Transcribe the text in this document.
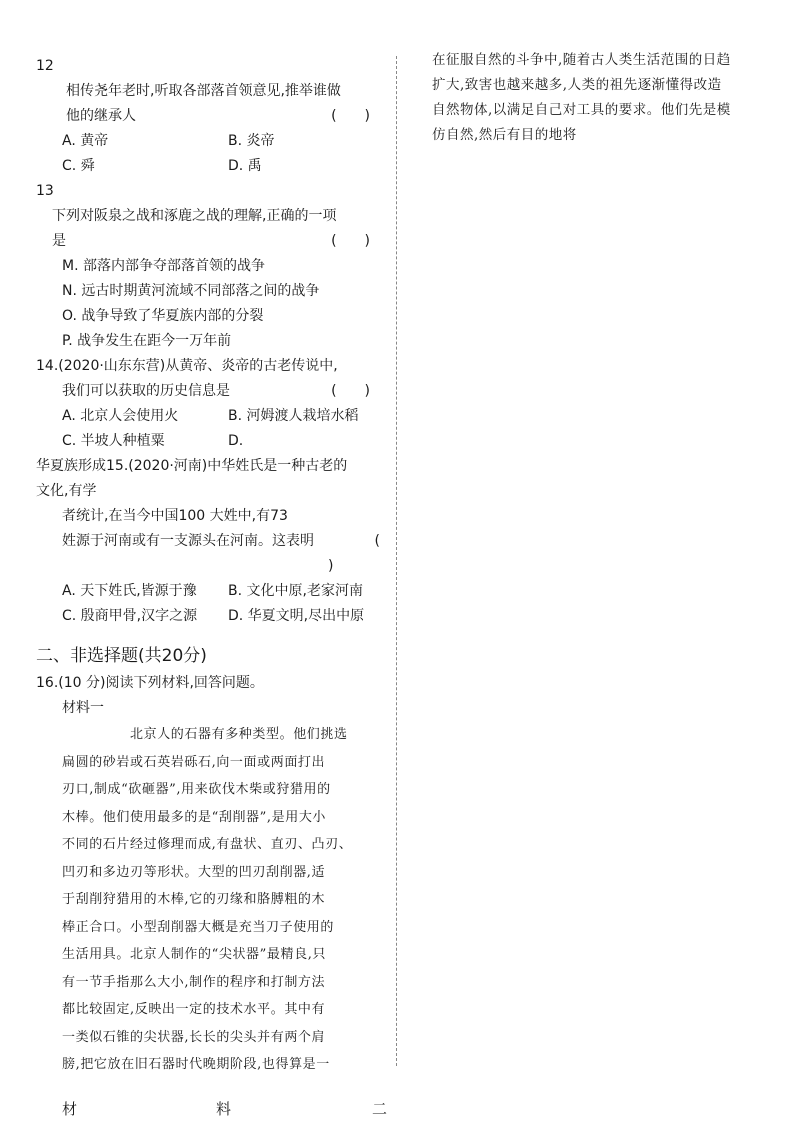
12
相传尧年老时,听取各部落首领意见,推举谁做
他的继承人	(　　)
A. 黄帝	B. 炎帝
C. 舜	D. 禹
13
下列对阪泉之战和涿鹿之战的理解,正确的一项
是	(　　)
M. 部落内部争夺部落首领的战争
N. 远古时期黄河流域不同部落之间的战争
O. 战争导致了华夏族内部的分裂
P. 战争发生在距今一万年前
14.(2020·山东东营)从黄帝、炎帝的古老传说中,
我们可以获取的历史信息是	(　　)
A. 北京人会使用火	B. 河姆渡人栽培水稻
C. 半坡人种植粟	D.
华夏族形成15.(2020·河南)中华姓氏是一种古老的
文化,有学
者统计,在当今中国100 大姓中,有73
姓源于河南或有一支源头在河南。这表明	(
)
A. 天下姓氏,皆源于豫	B. 文化中原,老家河南
C. 殷商甲骨,汉字之源	D. 华夏文明,尽出中原
二、非选择题(共20分)
16.(10 分)阅读下列材料,回答问题。
材料一
北京人的石器有多种类型。他们挑选
扁圆的砂岩或石英岩砾石,向一面或两面打出
刃口,制成“砍砸器”,用来砍伐木柴或狩猎用的
木棒。他们使用最多的是“刮削器”,是用大小
不同的石片经过修理而成,有盘状、直刃、凸刃、
凹刃和多边刃等形状。大型的凹刃刮削器,适
于刮削狩猎用的木棒,它的刃缘和胳膊粗的木
棒正合口。小型刮削器大概是充当刀子使用的
生活用具。北京人制作的“尖状器”最精良,只
有一节手指那么大小,制作的程序和打制方法
都比较固定,反映出一定的技术水平。其中有
一类似石锥的尖状器,长长的尖头并有两个肩
膀,把它放在旧石器时代晚期阶段,也得算是一
在征服自然的斗争中,随着古人类生活范围的日趋
扩大,致害也越来越多,人类的祖先逐渐懂得改造
自然物体,以满足自己对工具的要求。他们先是模
仿自然,然后有目的地将
材	料	二
